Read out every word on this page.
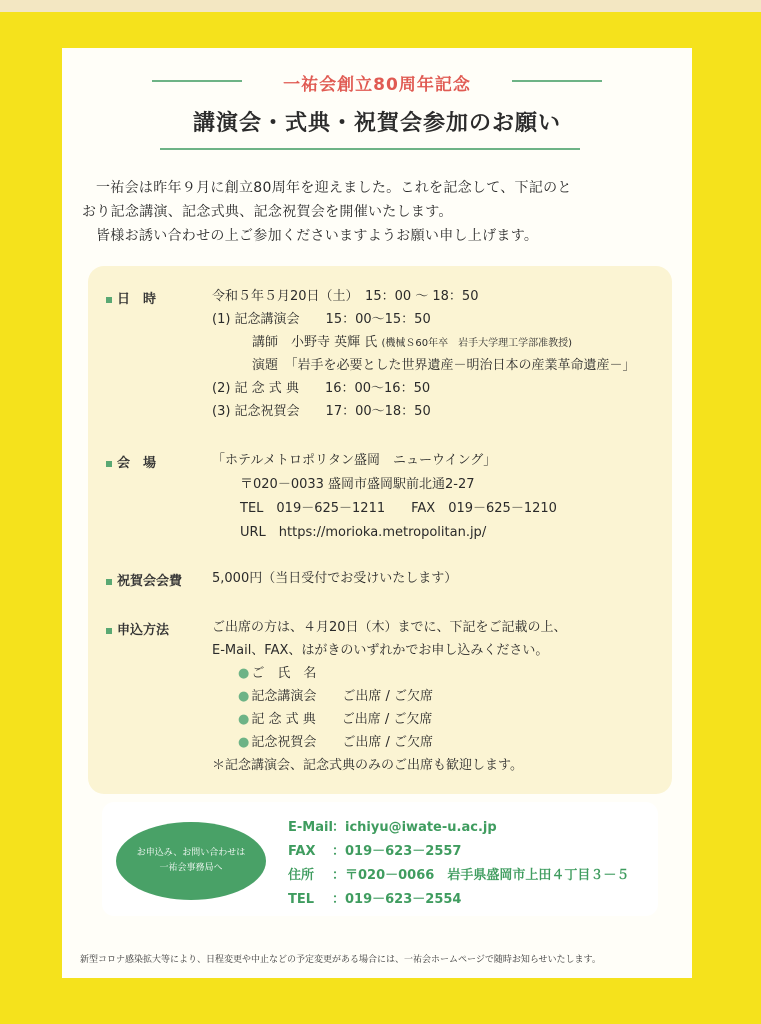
一祐会創立80周年記念
講演会・式典・祝賀会参加のお願い

一祐会は昨年９月に創立80周年を迎えました。これを記念して、下記のと

おり記念講演、記念式典、記念祝賀会を開催いたします。

皆様お誘い合わせの上ご参加くださいますようお願い申し上げます。

日　時	令和５年５月20日（土）　15：00 ～ 18：50
(1) 記念講演会　　15：00～15：50
講師　 小野寺 英輝 氏 (機械Ｓ60年卒　岩手大学理工学部准教授)
演題　 「岩手を必要とした世界遺産－明治日本の産業革命遺産－」
(2) 記 念 式 典　　16：00～16：50
(3) 記念祝賀会　　17：00～18：50
会　場	「ホテルメトロポリタン盛岡　ニューウイング」
〒020－0033 盛岡市盛岡駅前北通2-27
TEL　019－625－1211　　FAX　019－625－1210
URL　https://morioka.metropolitan.jp/
祝賀会会費 5,000円（当日受付でお受けいたします）
申込方法	ご出席の方は、４月20日（木）までに、下記をご記載の上、
E-Mail、FAX、はがきのいずれかでお申し込みください。
● ご　氏　名
● 記念講演会　　ご出席 / ご欠席
● 記 念 式 典　　ご出席 / ご欠席
● 記念祝賀会　　ご出席 / ご欠席
＊記念講演会、記念式典のみのご出席も歓迎します。
お申込み、お問い合わせは
一祐会事務局へ
E-Mail：ichiyu@iwate-u.ac.jp
FAX ：019－623－2557
住所 ：〒020－0066　岩手県盛岡市上田４丁目３－５
TEL ：019－623－2554
新型コロナ感染拡大等により、日程変更や中止などの予定変更がある場合には、一祐会ホームページで随時お知らせいたします。
